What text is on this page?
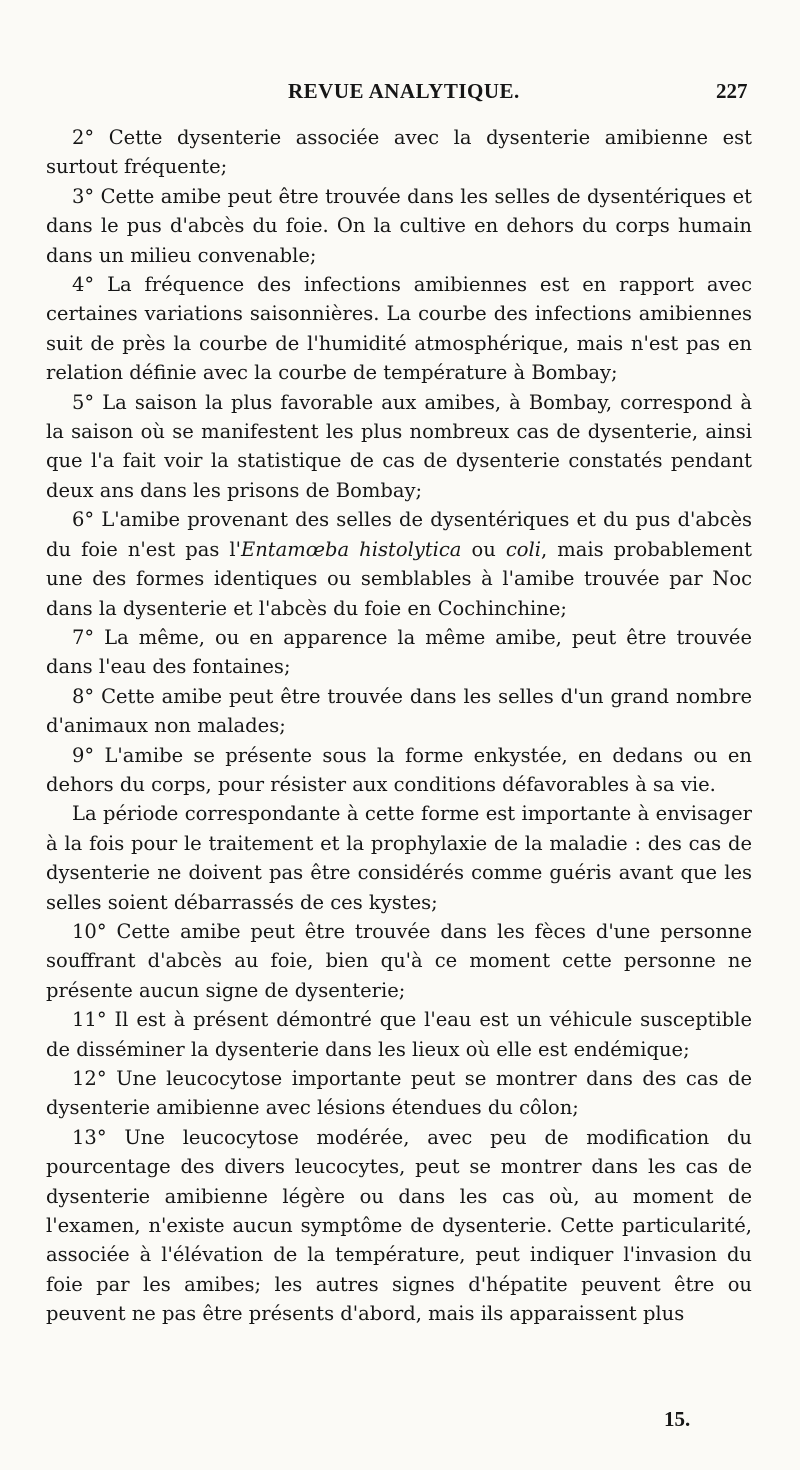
REVUE ANALYTIQUE.	227

2° Cette dysenterie associée avec la dysenterie amibienne est surtout fréquente;

3° Cette amibe peut être trouvée dans les selles de dysentériques et dans le pus d'abcès du foie. On la cultive en dehors du corps humain dans un milieu convenable;

4° La fréquence des infections amibiennes est en rapport avec certaines variations saisonnières. La courbe des infections amibiennes suit de près la courbe de l'humidité atmosphérique, mais n'est pas en relation définie avec la courbe de température à Bombay;

5° La saison la plus favorable aux amibes, à Bombay, correspond à la saison où se manifestent les plus nombreux cas de dysenterie, ainsi que l'a fait voir la statistique de cas de dysenterie constatés pendant deux ans dans les prisons de Bombay;

6° L'amibe provenant des selles de dysentériques et du pus d'abcès du foie n'est pas l'Entamœba histolytica ou coli, mais probablement une des formes identiques ou semblables à l'amibe trouvée par Noc dans la dysenterie et l'abcès du foie en Cochinchine;

7° La même, ou en apparence la même amibe, peut être trouvée dans l'eau des fontaines;

8° Cette amibe peut être trouvée dans les selles d'un grand nombre d'animaux non malades;

9° L'amibe se présente sous la forme enkystée, en dedans ou en dehors du corps, pour résister aux conditions défavorables à sa vie.

La période correspondante à cette forme est importante à envisager à la fois pour le traitement et la prophylaxie de la maladie : des cas de dysenterie ne doivent pas être considérés comme guéris avant que les selles soient débarrassés de ces kystes;

10° Cette amibe peut être trouvée dans les fèces d'une personne souffrant d'abcès au foie, bien qu'à ce moment cette personne ne présente aucun signe de dysenterie;

11° Il est à présent démontré que l'eau est un véhicule susceptible de disséminer la dysenterie dans les lieux où elle est endémique;

12° Une leucocytose importante peut se montrer dans des cas de dysenterie amibienne avec lésions étendues du côlon;

13° Une leucocytose modérée, avec peu de modification du pourcentage des divers leucocytes, peut se montrer dans les cas de dysenterie amibienne légère ou dans les cas où, au moment de l'examen, n'existe aucun symptôme de dysenterie. Cette particularité, associée à l'élévation de la température, peut indiquer l'invasion du foie par les amibes; les autres signes d'hépatite peuvent être ou peuvent ne pas être présents d'abord, mais ils apparaissent plus

15.
